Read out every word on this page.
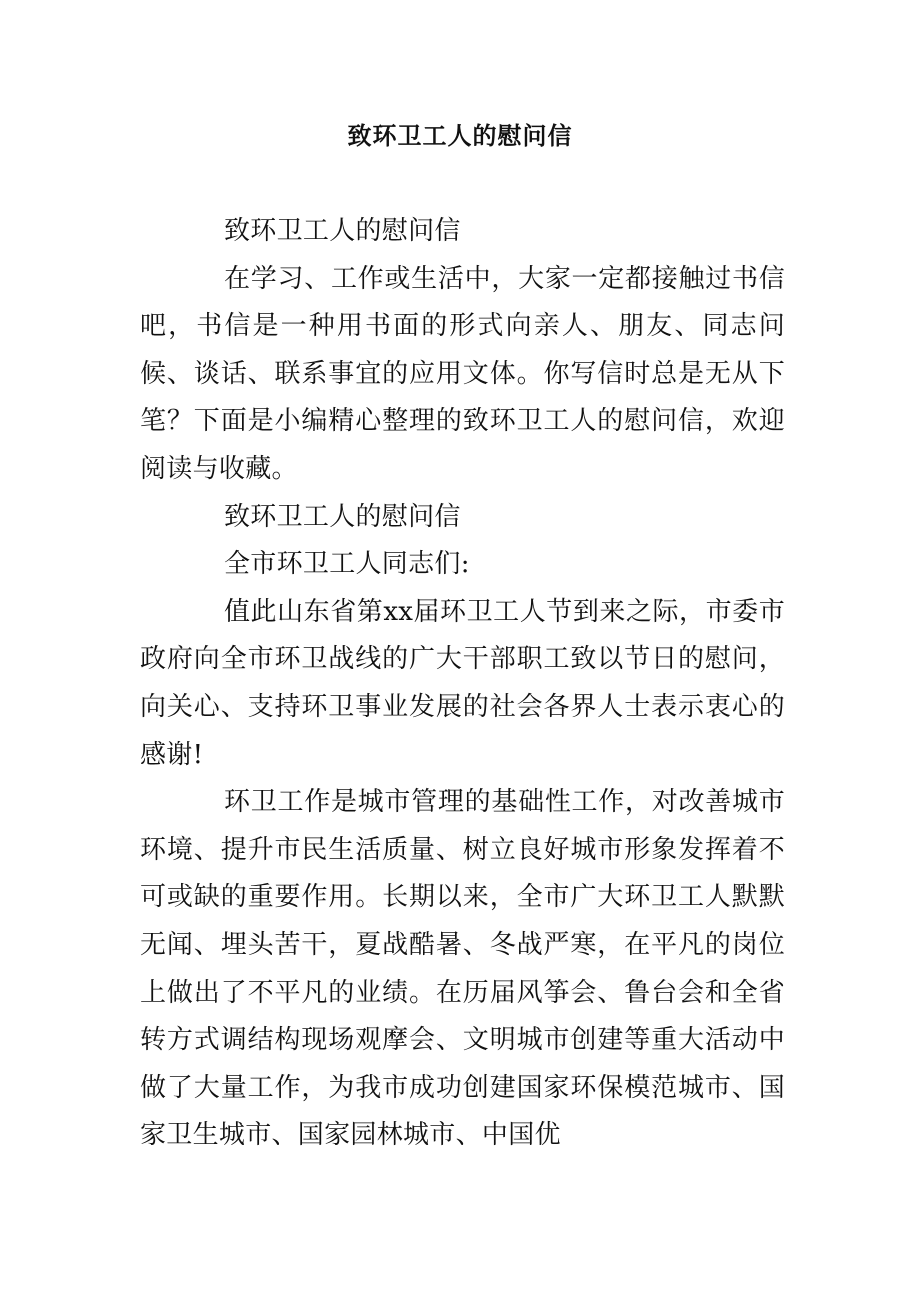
致环卫工人的慰问信

致环卫工人的慰问信

在学习、工作或生活中，大家一定都接触过书信吧，书信是一种用书面的形式向亲人、朋友、同志问候、谈话、联系事宜的应用文体。你写信时总是无从下笔？下面是小编精心整理的致环卫工人的慰问信，欢迎阅读与收藏。

致环卫工人的慰问信

全市环卫工人同志们:

值此山东省第xx届环卫工人节到来之际，市委市政府向全市环卫战线的广大干部职工致以节日的慰问，向关心、支持环卫事业发展的社会各界人士表示衷心的感谢!

环卫工作是城市管理的基础性工作，对改善城市环境、提升市民生活质量、树立良好城市形象发挥着不可或缺的重要作用。长期以来，全市广大环卫工人默默无闻、埋头苦干，夏战酷暑、冬战严寒，在平凡的岗位上做出了不平凡的业绩。在历届风筝会、鲁台会和全省转方式调结构现场观摩会、文明城市创建等重大活动中做了大量工作，为我市成功创建国家环保模范城市、国家卫生城市、国家园林城市、中国优
